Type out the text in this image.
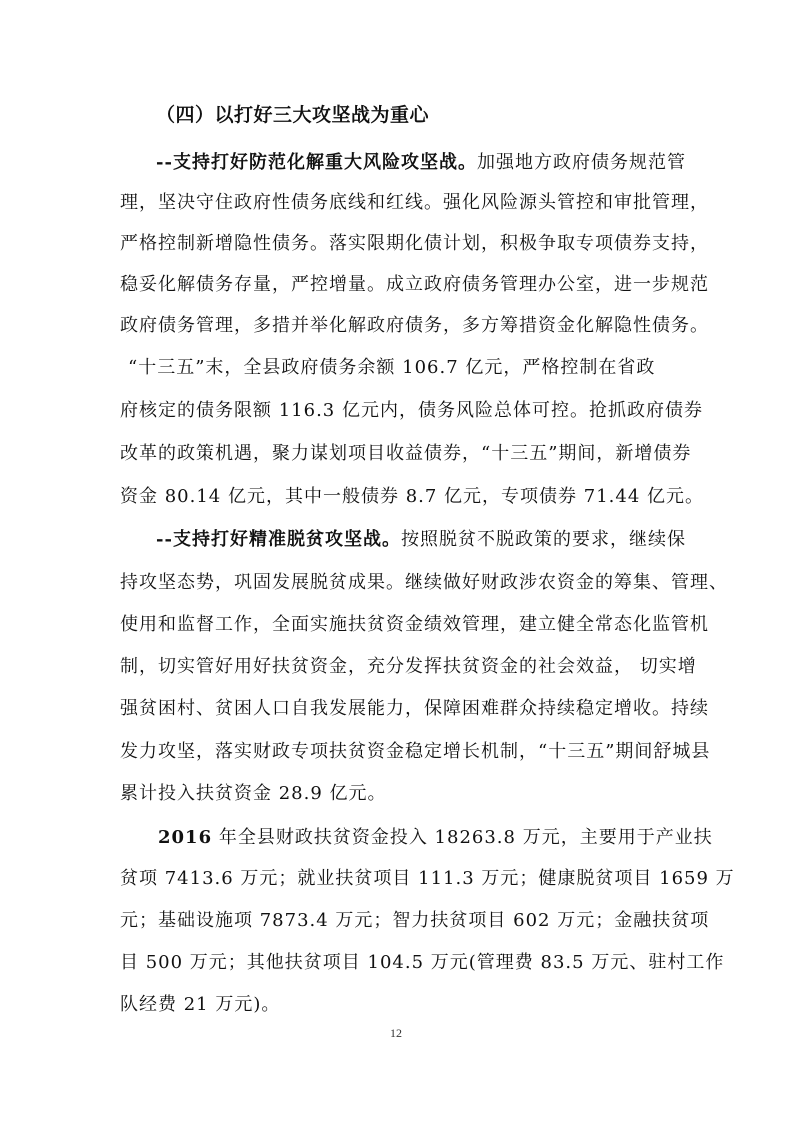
（四）以打好三大攻坚战为重心
--支持打好防范化解重大风险攻坚战。加强地方政府债务规范管
理，坚决守住政府性债务底线和红线。强化风险源头管控和审批管理，
严格控制新增隐性债务。落实限期化债计划，积极争取专项债券支持，
稳妥化解债务存量，严控增量。成立政府债务管理办公室，进一步规范
政府债务管理，多措并举化解政府债务，多方筹措资金化解隐性债务。
“十三五”末，全县政府债务余额 106.7 亿元，严格控制在省政
府核定的债务限额 116.3 亿元内，债务风险总体可控。抢抓政府债券
改革的政策机遇，聚力谋划项目收益债券，“十三五”期间，新增债券
资金 80.14 亿元，其中一般债券 8.7 亿元，专项债券 71.44 亿元。
--支持打好精准脱贫攻坚战。按照脱贫不脱政策的要求，继续保
持攻坚态势，巩固发展脱贫成果。继续做好财政涉农资金的筹集、管理、
使用和监督工作，全面实施扶贫资金绩效管理，建立健全常态化监管机
制，切实管好用好扶贫资金，充分发挥扶贫资金的社会效益， 切实增
强贫困村、贫困人口自我发展能力，保障困难群众持续稳定增收。持续
发力攻坚，落实财政专项扶贫资金稳定增长机制，“十三五”期间舒城县
累计投入扶贫资金 28.9 亿元。
2016 年全县财政扶贫资金投入 18263.8 万元，主要用于产业扶
贫项 7413.6 万元；就业扶贫项目 111.3 万元；健康脱贫项目 1659 万
元；基础设施项 7873.4 万元；智力扶贫项目 602 万元；金融扶贫项
目 500 万元；其他扶贫项目 104.5 万元(管理费 83.5 万元、驻村工作
队经费 21 万元)。
12
